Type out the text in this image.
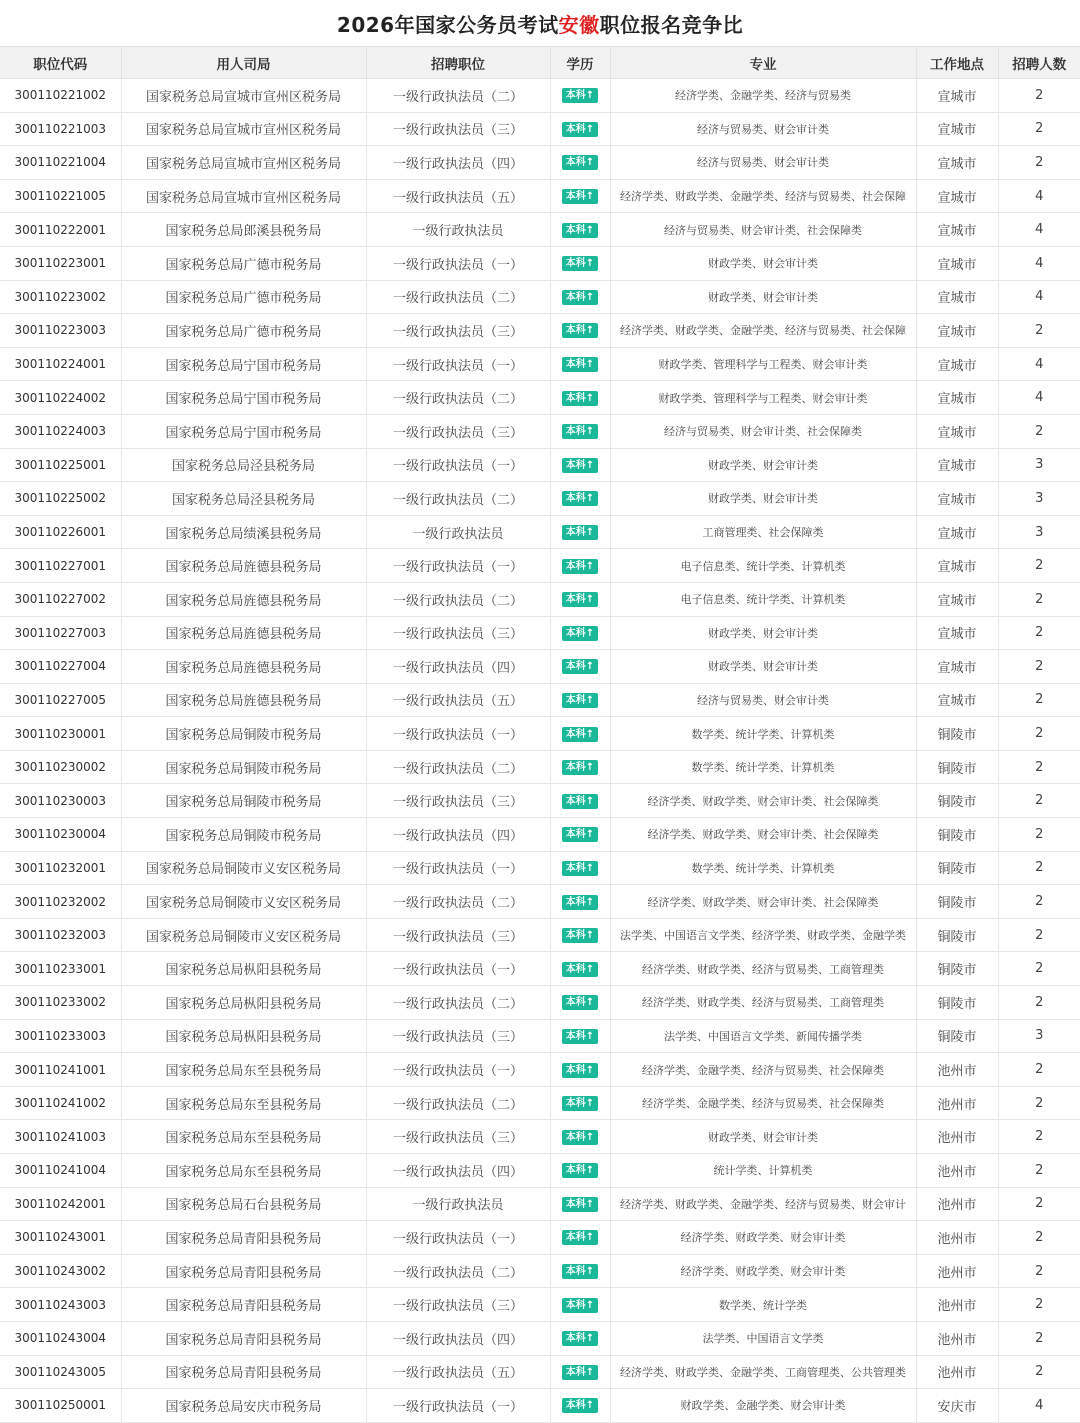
2026年国家公务员考试 安徽 职位报名竞争比
职位代码	用人司局	招聘职位	学历	专业	工作地点	招聘人数
300110221002	国家税务总局宣城市宣州区税务局	一级行政执法员（二）	本科↑	经济学类、金融学类、经济与贸易类	宣城市	2
300110221003	国家税务总局宣城市宣州区税务局	一级行政执法员（三）	本科↑	经济与贸易类、财会审计类	宣城市	2
300110221004	国家税务总局宣城市宣州区税务局	一级行政执法员（四）	本科↑	经济与贸易类、财会审计类	宣城市	2
300110221005	国家税务总局宣城市宣州区税务局	一级行政执法员（五）	本科↑	经济学类、财政学类、金融学类、经济与贸易类、社会保障	宣城市	4
300110222001	国家税务总局郎溪县税务局	一级行政执法员	本科↑	经济与贸易类、财会审计类、社会保障类	宣城市	4
300110223001	国家税务总局广德市税务局	一级行政执法员（一）	本科↑	财政学类、财会审计类	宣城市	4
300110223002	国家税务总局广德市税务局	一级行政执法员（二）	本科↑	财政学类、财会审计类	宣城市	4
300110223003	国家税务总局广德市税务局	一级行政执法员（三）	本科↑	经济学类、财政学类、金融学类、经济与贸易类、社会保障	宣城市	2
300110224001	国家税务总局宁国市税务局	一级行政执法员（一）	本科↑	财政学类、管理科学与工程类、财会审计类	宣城市	4
300110224002	国家税务总局宁国市税务局	一级行政执法员（二）	本科↑	财政学类、管理科学与工程类、财会审计类	宣城市	4
300110224003	国家税务总局宁国市税务局	一级行政执法员（三）	本科↑	经济与贸易类、财会审计类、社会保障类	宣城市	2
300110225001	国家税务总局泾县税务局	一级行政执法员（一）	本科↑	财政学类、财会审计类	宣城市	3
300110225002	国家税务总局泾县税务局	一级行政执法员（二）	本科↑	财政学类、财会审计类	宣城市	3
300110226001	国家税务总局绩溪县税务局	一级行政执法员	本科↑	工商管理类、社会保障类	宣城市	3
300110227001	国家税务总局旌德县税务局	一级行政执法员（一）	本科↑	电子信息类、统计学类、计算机类	宣城市	2
300110227002	国家税务总局旌德县税务局	一级行政执法员（二）	本科↑	电子信息类、统计学类、计算机类	宣城市	2
300110227003	国家税务总局旌德县税务局	一级行政执法员（三）	本科↑	财政学类、财会审计类	宣城市	2
300110227004	国家税务总局旌德县税务局	一级行政执法员（四）	本科↑	财政学类、财会审计类	宣城市	2
300110227005	国家税务总局旌德县税务局	一级行政执法员（五）	本科↑	经济与贸易类、财会审计类	宣城市	2
300110230001	国家税务总局铜陵市税务局	一级行政执法员（一）	本科↑	数学类、统计学类、计算机类	铜陵市	2
300110230002	国家税务总局铜陵市税务局	一级行政执法员（二）	本科↑	数学类、统计学类、计算机类	铜陵市	2
300110230003	国家税务总局铜陵市税务局	一级行政执法员（三）	本科↑	经济学类、财政学类、财会审计类、社会保障类	铜陵市	2
300110230004	国家税务总局铜陵市税务局	一级行政执法员（四）	本科↑	经济学类、财政学类、财会审计类、社会保障类	铜陵市	2
300110232001	国家税务总局铜陵市义安区税务局	一级行政执法员（一）	本科↑	数学类、统计学类、计算机类	铜陵市	2
300110232002	国家税务总局铜陵市义安区税务局	一级行政执法员（二）	本科↑	经济学类、财政学类、财会审计类、社会保障类	铜陵市	2
300110232003	国家税务总局铜陵市义安区税务局	一级行政执法员（三）	本科↑	法学类、中国语言文学类、经济学类、财政学类、金融学类	铜陵市	2
300110233001	国家税务总局枞阳县税务局	一级行政执法员（一）	本科↑	经济学类、财政学类、经济与贸易类、工商管理类	铜陵市	2
300110233002	国家税务总局枞阳县税务局	一级行政执法员（二）	本科↑	经济学类、财政学类、经济与贸易类、工商管理类	铜陵市	2
300110233003	国家税务总局枞阳县税务局	一级行政执法员（三）	本科↑	法学类、中国语言文学类、新闻传播学类	铜陵市	3
300110241001	国家税务总局东至县税务局	一级行政执法员（一）	本科↑	经济学类、金融学类、经济与贸易类、社会保障类	池州市	2
300110241002	国家税务总局东至县税务局	一级行政执法员（二）	本科↑	经济学类、金融学类、经济与贸易类、社会保障类	池州市	2
300110241003	国家税务总局东至县税务局	一级行政执法员（三）	本科↑	财政学类、财会审计类	池州市	2
300110241004	国家税务总局东至县税务局	一级行政执法员（四）	本科↑	统计学类、计算机类	池州市	2
300110242001	国家税务总局石台县税务局	一级行政执法员	本科↑	经济学类、财政学类、金融学类、经济与贸易类、财会审计	池州市	2
300110243001	国家税务总局青阳县税务局	一级行政执法员（一）	本科↑	经济学类、财政学类、财会审计类	池州市	2
300110243002	国家税务总局青阳县税务局	一级行政执法员（二）	本科↑	经济学类、财政学类、财会审计类	池州市	2
300110243003	国家税务总局青阳县税务局	一级行政执法员（三）	本科↑	数学类、统计学类	池州市	2
300110243004	国家税务总局青阳县税务局	一级行政执法员（四）	本科↑	法学类、中国语言文学类	池州市	2
300110243005	国家税务总局青阳县税务局	一级行政执法员（五）	本科↑	经济学类、财政学类、金融学类、工商管理类、公共管理类	池州市	2
300110250001	国家税务总局安庆市税务局	一级行政执法员（一）	本科↑	财政学类、金融学类、财会审计类	安庆市	4
